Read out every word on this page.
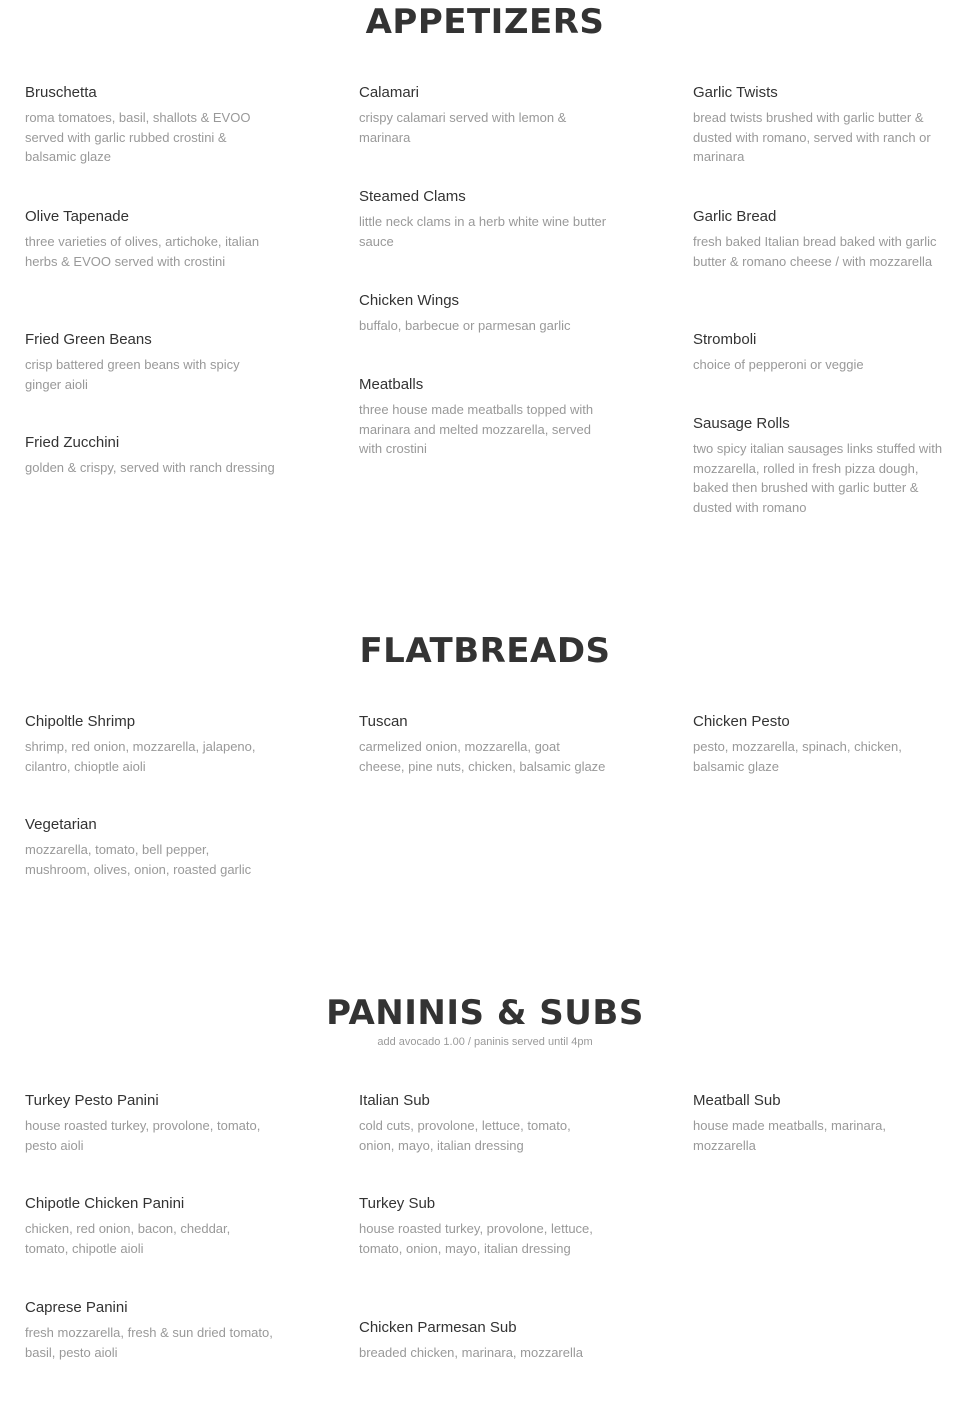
APPETIZERS
Bruschetta
roma tomatoes, basil, shallots & EVOO served with garlic rubbed crostini & balsamic glaze
Olive Tapenade
three varieties of olives, artichoke, italian herbs & EVOO served with crostini
Fried Green Beans
crisp battered green beans with spicy ginger aioli
Fried Zucchini
golden & crispy, served with ranch dressing
Calamari
crispy calamari served with lemon & marinara
Steamed Clams
little neck clams in a herb white wine butter sauce
Chicken Wings
buffalo, barbecue or parmesan garlic
Meatballs
three house made meatballs topped with marinara and melted mozzarella, served with crostini
Garlic Twists
bread twists brushed with garlic butter & dusted with romano, served with ranch or marinara
Garlic Bread
fresh baked Italian bread baked with garlic butter & romano cheese / with mozzarella
Stromboli
choice of pepperoni or veggie
Sausage Rolls
two spicy italian sausages links stuffed with mozzarella, rolled in fresh pizza dough, baked then brushed with garlic butter & dusted with romano
FLATBREADS
Chipoltle Shrimp
shrimp, red onion, mozzarella, jalapeno, cilantro, chioptle aioli
Vegetarian
mozzarella, tomato, bell pepper, mushroom, olives, onion, roasted garlic
Tuscan
carmelized onion, mozzarella, goat cheese, pine nuts, chicken, balsamic glaze
Chicken Pesto
pesto, mozzarella, spinach, chicken, balsamic glaze
PANINIS & SUBS

add avocado 1.00 / paninis served until 4pm

Turkey Pesto Panini
house roasted turkey, provolone, tomato, pesto aioli
Chipotle Chicken Panini
chicken, red onion, bacon, cheddar, tomato, chipotle aioli
Caprese Panini
fresh mozzarella, fresh & sun dried tomato, basil, pesto aioli
Italian Sub
cold cuts, provolone, lettuce, tomato, onion, mayo, italian dressing
Turkey Sub
house roasted turkey, provolone, lettuce, tomato, onion, mayo, italian dressing
Chicken Parmesan Sub
breaded chicken, marinara, mozzarella
Meatball Sub
house made meatballs, marinara, mozzarella
